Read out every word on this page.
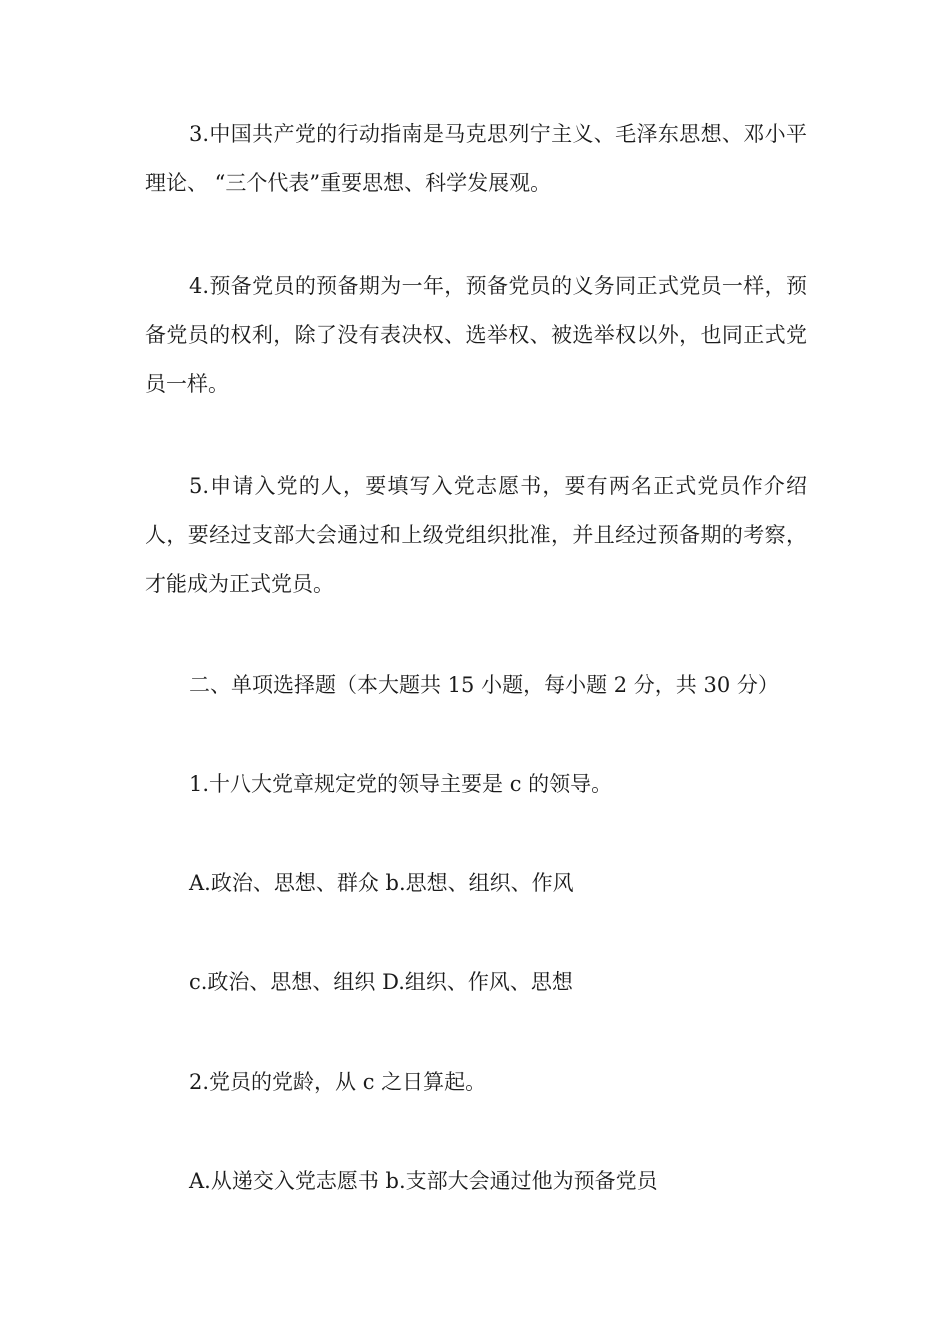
3.中国共产党的行动指南是马克思列宁主义、毛泽东思想、邓小平理论、 “三个代表”重要思想、科学发展观。

4.预备党员的预备期为一年，预备党员的义务同正式党员一样，预备党员的权利，除了没有表决权、选举权、被选举权以外，也同正式党员一样。

5.申请入党的人，要填写入党志愿书，要有两名正式党员作介绍人，要经过支部大会通过和上级党组织批准，并且经过预备期的考察，才能成为正式党员。

二、单项选择题（本大题共 15 小题，每小题 2 分，共 30 分）

1.十八大党章规定党的领导主要是 c 的领导。

A.政治、思想、群众 b.思想、组织、作风

c.政治、思想、组织 D.组织、作风、思想

2.党员的党龄，从 c 之日算起。

A.从递交入党志愿书 b.支部大会通过他为预备党员
